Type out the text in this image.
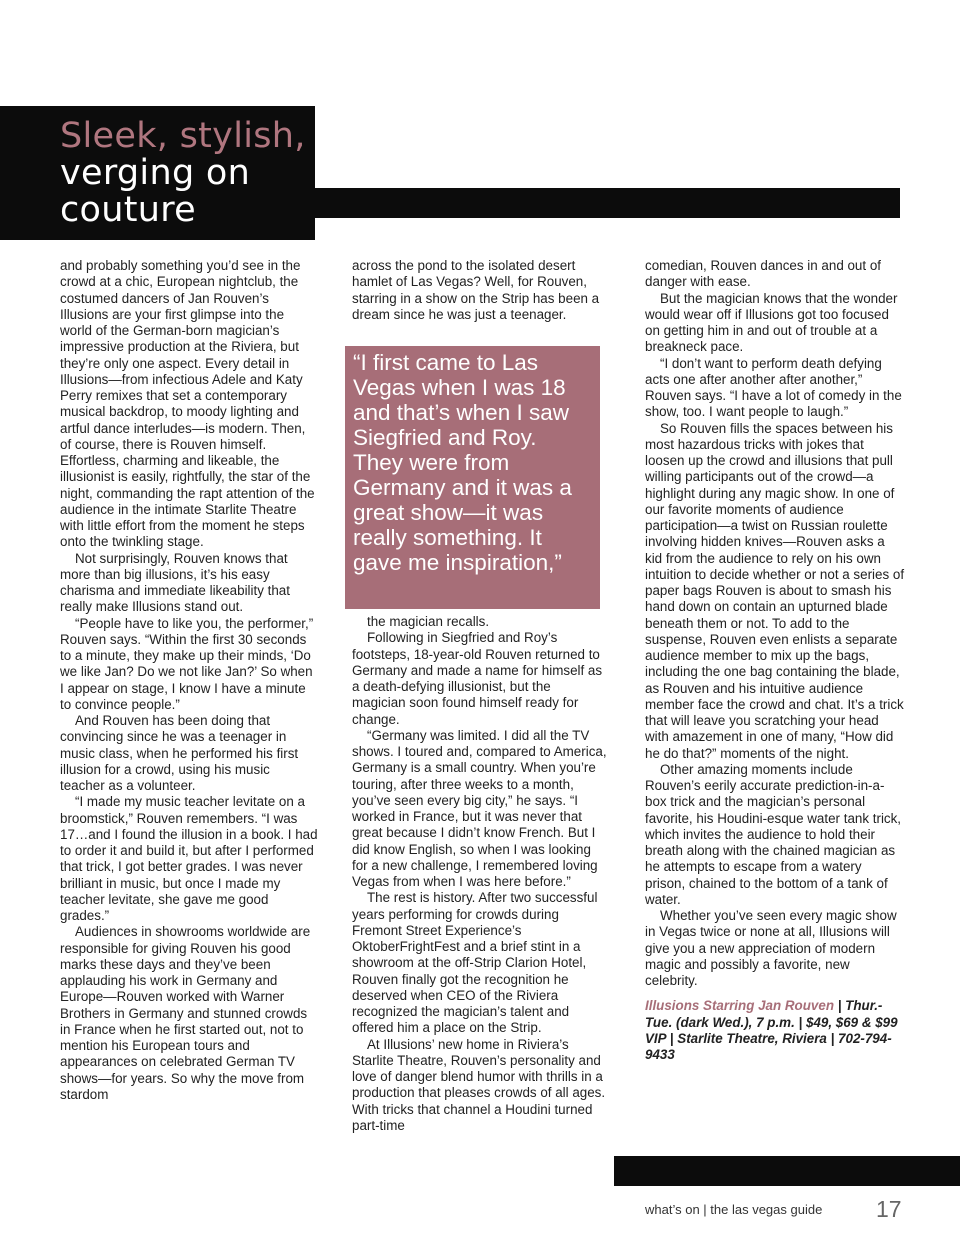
Sleek, stylish,
verging on
couture

and probably something you’d see in the crowd at a chic, European nightclub, the costumed dancers of Jan Rouven’s Illusions are your first glimpse into the world of the German-born magician’s impressive production at the Riviera, but they’re only one aspect. Every detail in Illusions—from infectious Adele and Katy Perry remixes that set a contemporary musical backdrop, to moody lighting and artful dance interludes—is modern. Then, of course, there is Rouven himself. Effortless, charming and likeable, the illusionist is easily, rightfully, the star of the night, commanding the rapt attention of the audience in the intimate Starlite Theatre with little effort from the moment he steps onto the twinkling stage.

Not surprisingly, Rouven knows that more than big illusions, it’s his easy charisma and immediate likeability that really make Illusions stand out.

“People have to like you, the performer,” Rouven says. “Within the first 30 seconds to a minute, they make up their minds, ‘Do we like Jan? Do we not like Jan?’ So when I appear on stage, I know I have a minute to convince people.”

And Rouven has been doing that convincing since he was a teenager in music class, when he performed his first illusion for a crowd, using his music teacher as a volunteer.

“I made my music teacher levitate on a broomstick,” Rouven remembers. “I was 17…and I found the illusion in a book. I had to order it and build it, but after I performed that trick, I got better grades. I was never brilliant in music, but once I made my teacher levitate, she gave me good grades.”

Audiences in showrooms worldwide are responsible for giving Rouven his good marks these days and they’ve been applauding his work in Germany and Europe—Rouven worked with Warner Brothers in Germany and stunned crowds in France when he first started out, not to mention his European tours and appearances on celebrated German TV shows—for years. So why the move from stardom

across the pond to the isolated desert hamlet of Las Vegas? Well, for Rouven, starring in a show on the Strip has been a dream since he was just a teenager.

“I first came to Las Vegas when I was 18 and that’s when I saw Siegfried and Roy. They were from Germany and it was a great show—it was really something. It gave me inspiration,”

the magician recalls.

Following in Siegfried and Roy’s footsteps, 18-year-old Rouven returned to Germany and made a name for himself as a death-defying illusionist, but the magician soon found himself ready for change.

“Germany was limited. I did all the TV shows. I toured and, compared to America, Germany is a small country. When you’re touring, after three weeks to a month, you’ve seen every big city,” he says. “I worked in France, but it was never that great because I didn’t know French. But I did know English, so when I was looking for a new challenge, I remembered loving Vegas from when I was here before.”

The rest is history. After two successful years performing for crowds during Fremont Street Experience’s OktoberFrightFest and a brief stint in a showroom at the off-Strip Clarion Hotel, Rouven finally got the recognition he deserved when CEO of the Riviera recognized the magician’s talent and offered him a place on the Strip.

At Illusions’ new home in Riviera’s Starlite Theatre, Rouven’s personality and love of danger blend humor with thrills in a production that pleases crowds of all ages. With tricks that channel a Houdini turned part-time

comedian, Rouven dances in and out of danger with ease.

But the magician knows that the wonder would wear off if Illusions got too focused on getting him in and out of trouble at a breakneck pace.

“I don’t want to perform death defying acts one after another after another,” Rouven says. “I have a lot of comedy in the show, too. I want people to laugh.”

So Rouven fills the spaces between his most hazardous tricks with jokes that loosen up the crowd and illusions that pull willing participants out of the crowd—a highlight during any magic show. In one of our favorite moments of audience participation—a twist on Russian roulette involving hidden knives—Rouven asks a kid from the audience to rely on his own intuition to decide whether or not a series of paper bags Rouven is about to smash his hand down on contain an upturned blade beneath them or not. To add to the suspense, Rouven even enlists a separate audience member to mix up the bags, including the one bag containing the blade, as Rouven and his intuitive audience member face the crowd and chat. It’s a trick that will leave you scratching your head with amazement in one of many, “How did he do that?” moments of the night.

Other amazing moments include Rouven’s eerily accurate prediction-in-a-box trick and the magician’s personal favorite, his Houdini-esque water tank trick, which invites the audience to hold their breath along with the chained magician as he attempts to escape from a watery prison, chained to the bottom of a tank of water.

Whether you’ve seen every magic show in Vegas twice or none at all, Illusions will give you a new appreciation of modern magic and possibly a favorite, new celebrity.

Illusions Starring Jan Rouven | Thur.-Tue. (dark Wed.), 7 p.m. | $49, $69 & $99 VIP | Starlite Theatre, Riviera | 702-794-9433
what’s on | the las vegas guide 17
